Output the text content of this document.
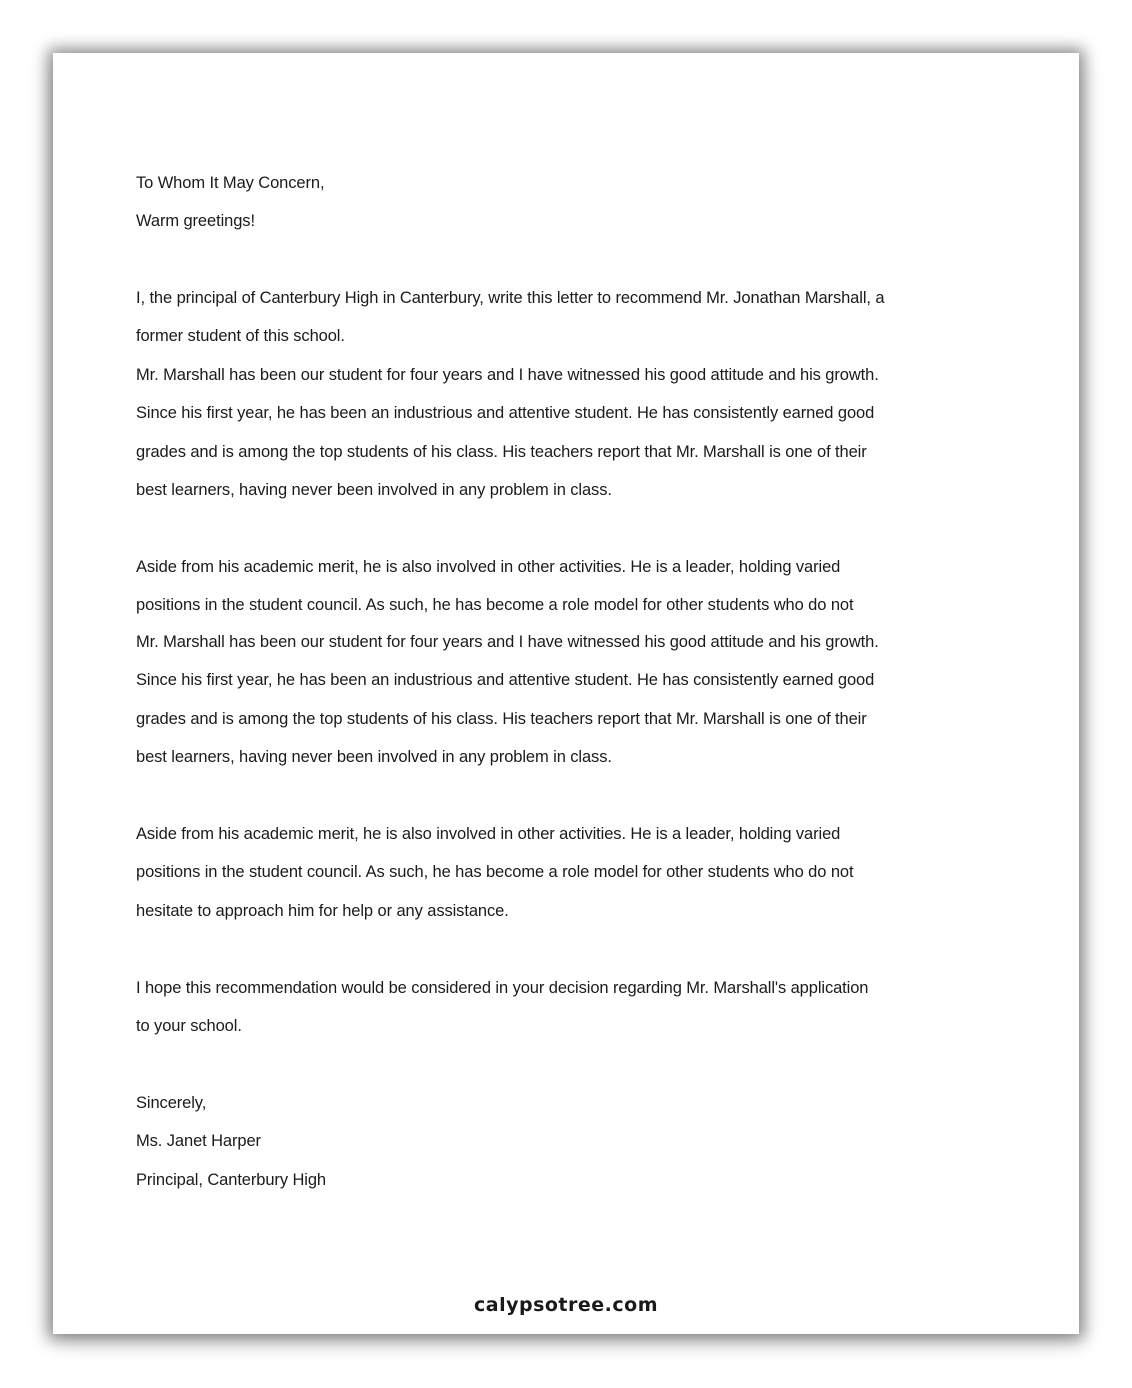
To Whom It May Concern,
Warm greetings!
I, the principal of Canterbury High in Canterbury, write this letter to recommend Mr. Jonathan Marshall, a
former student of this school.
Mr. Marshall has been our student for four years and I have witnessed his good attitude and his growth.
Since his first year, he has been an industrious and attentive student. He has consistently earned good
grades and is among the top students of his class. His teachers report that Mr. Marshall is one of their
best learners, having never been involved in any problem in class.
Aside from his academic merit, he is also involved in other activities. He is a leader, holding varied
positions in the student council. As such, he has become a role model for other students who do not
Mr. Marshall has been our student for four years and I have witnessed his good attitude and his growth.
Since his first year, he has been an industrious and attentive student. He has consistently earned good
grades and is among the top students of his class. His teachers report that Mr. Marshall is one of their
best learners, having never been involved in any problem in class.
Aside from his academic merit, he is also involved in other activities. He is a leader, holding varied
positions in the student council. As such, he has become a role model for other students who do not
hesitate to approach him for help or any assistance.
I hope this recommendation would be considered in your decision regarding Mr. Marshall's application
to your school.
Sincerely,
Ms. Janet Harper
Principal, Canterbury High
calypsotree.com
